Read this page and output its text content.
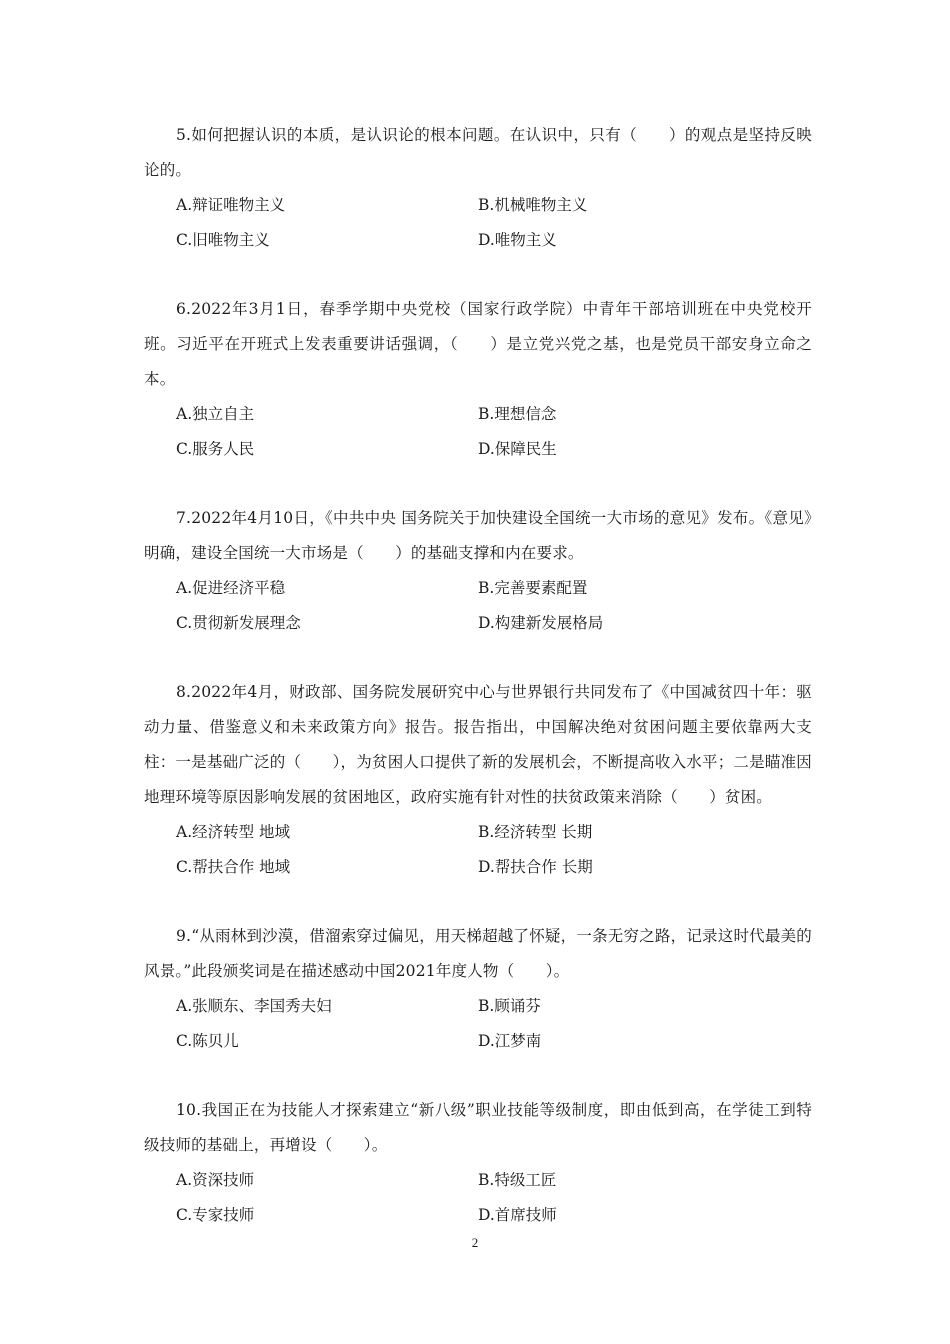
5.如何把握认识的本质，是认识论的根本问题。在认识中，只有（　　）的观点是坚持反映论的。

A.辩证唯物主义	B.机械唯物主义
C.旧唯物主义	D.唯物主义

6.2022年3月1日，春季学期中央党校（国家行政学院）中青年干部培训班在中央党校开班。习近平在开班式上发表重要讲话强调，（　　）是立党兴党之基，也是党员干部安身立命之本。

A.独立自主	B.理想信念
C.服务人民	D.保障民生

7.2022年4月10日，《中共中央 国务院关于加快建设全国统一大市场的意见》发布。《意见》明确，建设全国统一大市场是（　　）的基础支撑和内在要求。

A.促进经济平稳	B.完善要素配置
C.贯彻新发展理念	D.构建新发展格局

8.2022年4月，财政部、国务院发展研究中心与世界银行共同发布了《中国减贫四十年：驱动力量、借鉴意义和未来政策方向》报告。报告指出，中国解决绝对贫困问题主要依靠两大支柱：一是基础广泛的（　　），为贫困人口提供了新的发展机会，不断提高收入水平；二是瞄准因地理环境等原因影响发展的贫困地区，政府实施有针对性的扶贫政策来消除（　　）贫困。

A.经济转型 地域	B.经济转型 长期
C.帮扶合作 地域	D.帮扶合作 长期

9.“从雨林到沙漠，借溜索穿过偏见，用天梯超越了怀疑，一条无穷之路，记录这时代最美的风景。”此段颁奖词是在描述感动中国2021年度人物（　　）。

A.张顺东、李国秀夫妇	B.顾诵芬
C.陈贝儿	D.江梦南

10.我国正在为技能人才探索建立“新八级”职业技能等级制度，即由低到高，在学徒工到特级技师的基础上，再增设（　　）。

A.资深技师	B.特级工匠
C.专家技师	D.首席技师
2
